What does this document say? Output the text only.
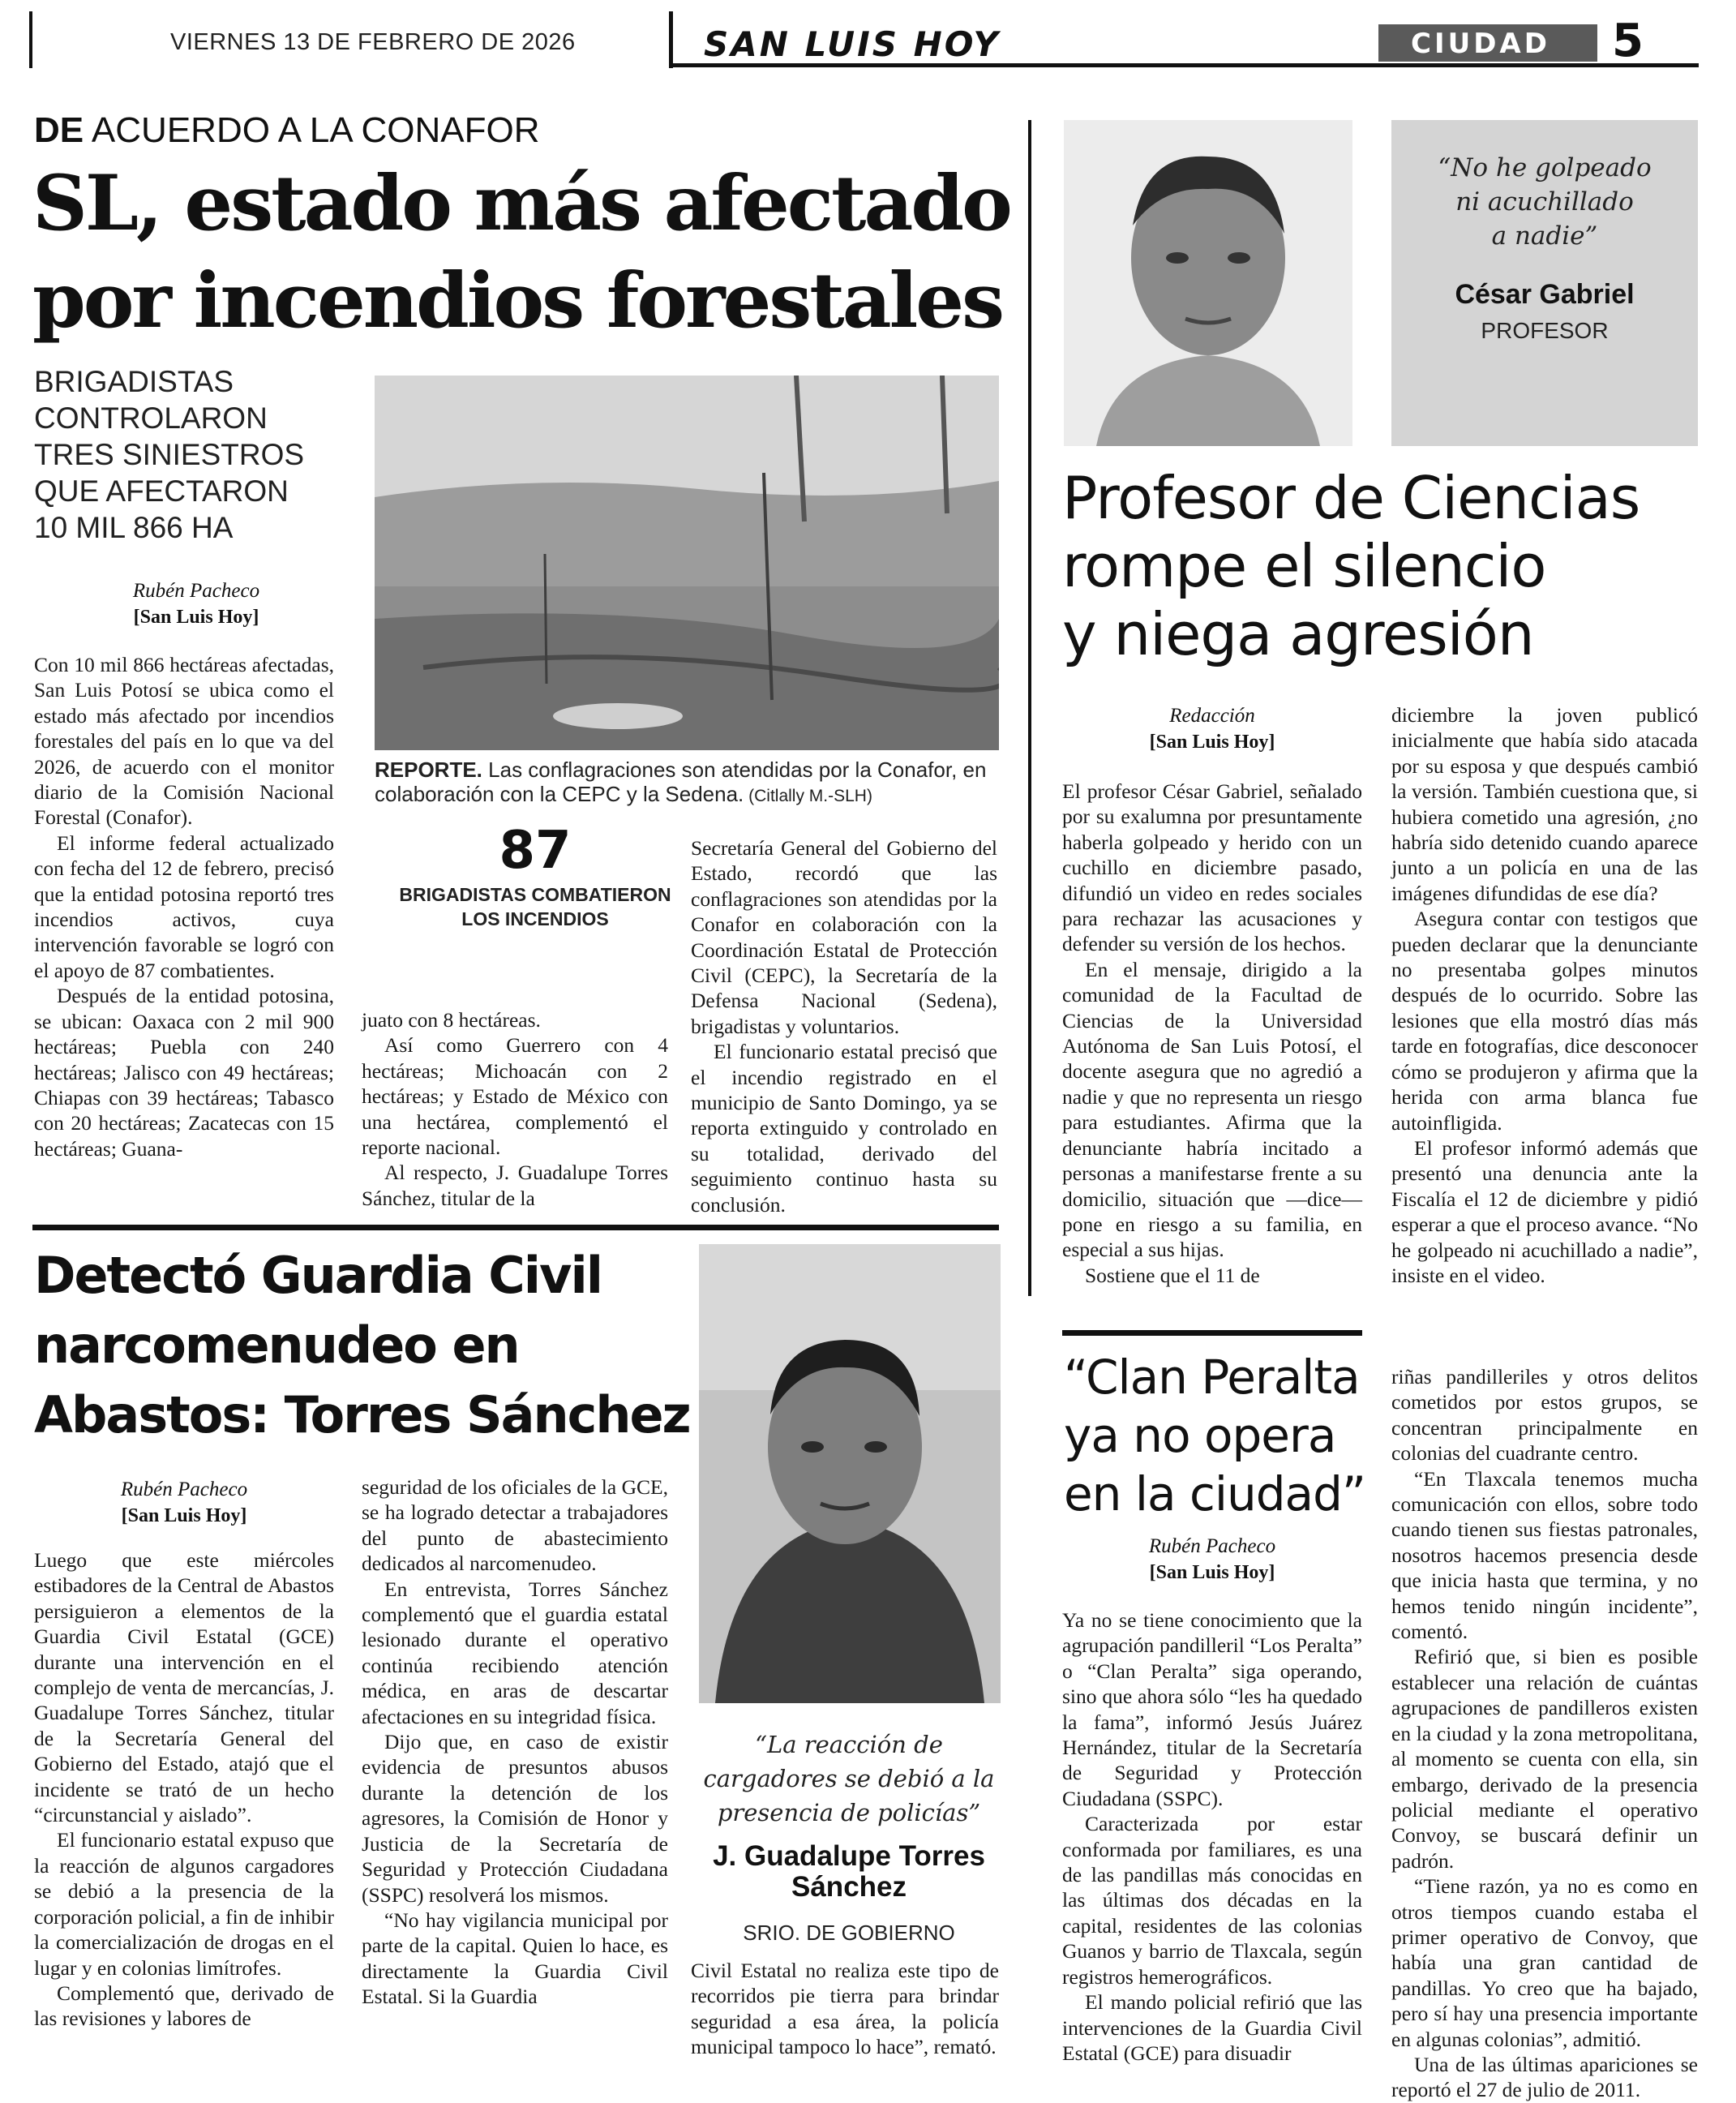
VIERNES 13 DE FEBRERO DE 2026	SAN LUIS HOY	CIUDAD 5
DE ACUERDO A LA CONAFOR
SL, estado más afectado
por incendios forestales
BRIGADISTAS
CONTROLARON
TRES SINIESTROS
QUE AFECTARON
10 MIL 866 HA
Rubén Pacheco
[San Luis Hoy]
REPORTE. Las conflagraciones son atendidas por la Conafor, en colaboración con la CEPC y la Sedena. (Citlally M.-SLH)
87
BRIGADISTAS COMBATIERON
LOS INCENDIOS

Con 10 mil 866 hectáreas afectadas, San Luis Potosí se ubica como el estado más afectado por incendios forestales del país en lo que va del 2026, de acuerdo con el monitor diario de la Comisión Nacional Forestal (Conafor).

El informe federal actualizado con fecha del 12 de febrero, precisó que la entidad potosina reportó tres incendios activos, cuya intervención favorable se logró con el apoyo de 87 combatientes.

Después de la entidad potosina, se ubican: Oaxaca con 2 mil 900 hectáreas; Puebla con 240 hectáreas; Jalisco con 49 hectáreas; Chiapas con 39 hectáreas; Tabasco con 20 hectáreas; Zacatecas con 15 hectáreas; Guana-

juato con 8 hectáreas.

Así como Guerrero con 4 hectáreas; Michoacán con 2 hectáreas; y Estado de México con una hectárea, complementó el reporte nacional.

Al respecto, J. Guadalupe Torres Sánchez, titular de la

Secretaría General del Gobierno del Estado, recordó que las conflagraciones son atendidas por la Conafor en colaboración con la Coordinación Estatal de Protección Civil (CEPC), la Secretaría de la Defensa Nacional (Sedena), brigadistas y voluntarios.

El funcionario estatal precisó que el incendio registrado en el municipio de Santo Domingo, ya se reporta extinguido y controlado en su totalidad, derivado del seguimiento continuo hasta su conclusión.

“No he golpeado
ni acuchillado
a nadie”
César Gabriel
PROFESOR
Profesor de Ciencias
rompe el silencio
y niega agresión
Redacción
[San Luis Hoy]

El profesor César Gabriel, señalado por su exalumna por presuntamente haberla golpeado y herido con un cuchillo en diciembre pasado, difundió un video en redes sociales para rechazar las acusaciones y defender su versión de los hechos.

En el mensaje, dirigido a la comunidad de la Facultad de Ciencias de la Universidad Autónoma de San Luis Potosí, el docente asegura que no agredió a nadie y que no representa un riesgo para estudiantes. Afirma que la denunciante habría incitado a personas a manifestarse frente a su domicilio, situación que —dice— pone en riesgo a su familia, en especial a sus hijas.

Sostiene que el 11 de

diciembre la joven publicó inicialmente que había sido atacada por su esposa y que después cambió la versión. También cuestiona que, si hubiera cometido una agresión, ¿no habría sido detenido cuando aparece junto a un policía en una de las imágenes difundidas de ese día?

Asegura contar con testigos que pueden declarar que la denunciante no presentaba golpes minutos después de lo ocurrido. Sobre las lesiones que ella mostró días más tarde en fotografías, dice desconocer cómo se produjeron y afirma que la herida con arma blanca fue autoinfligida.

El profesor informó además que presentó una denuncia ante la Fiscalía el 12 de diciembre y pidió esperar a que el proceso avance. “No he golpeado ni acuchillado a nadie”, insiste en el video.

Detectó Guardia Civil
narcomenudeo en
Abastos: Torres Sánchez
Rubén Pacheco
[San Luis Hoy]

Luego que este miércoles estibadores de la Central de Abastos persiguieron a elementos de la Guardia Civil Estatal (GCE) durante una intervención en el complejo de venta de mercancías, J. Guadalupe Torres Sánchez, titular de la Secretaría General del Gobierno del Estado, atajó que el incidente se trató de un hecho “circunstancial y aislado”.

El funcionario estatal expuso que la reacción de algunos cargadores se debió a la presencia de la corporación policial, a fin de inhibir la comercialización de drogas en el lugar y en colonias limítrofes.

Complementó que, derivado de las revisiones y labores de

seguridad de los oficiales de la GCE, se ha logrado detectar a trabajadores del punto de abastecimiento dedicados al narcomenudeo.

En entrevista, Torres Sánchez complementó que el guardia estatal lesionado durante el operativo continúa recibiendo atención médica, en aras de descartar afectaciones en su integridad física.

Dijo que, en caso de existir evidencia de presuntos abusos durante la detención de los agresores, la Comisión de Honor y Justicia de la Secretaría de Seguridad y Protección Ciudadana (SSPC) resolverá los mismos.

“No hay vigilancia municipal por parte de la capital. Quien lo hace, es directamente la Guardia Civil Estatal. Si la Guardia

“La reacción de
cargadores se debió a la
presencia de policías”
J. Guadalupe Torres
Sánchez
SRIO. DE GOBIERNO

Civil Estatal no realiza este tipo de recorridos pie tierra para brindar seguridad a esa área, la policía municipal tampoco lo hace”, remató.

“Clan Peralta
ya no opera
en la ciudad”
Rubén Pacheco
[San Luis Hoy]

Ya no se tiene conocimiento que la agrupación pandilleril “Los Peralta” o “Clan Peralta” siga operando, sino que ahora sólo “les ha quedado la fama”, informó Jesús Juárez Hernández, titular de la Secretaría de Seguridad y Protección Ciudadana (SSPC).

Caracterizada por estar conformada por familiares, es una de las pandillas más conocidas en las últimas dos décadas en la capital, residentes de las colonias Guanos y barrio de Tlaxcala, según registros hemerográficos.

El mando policial refirió que las intervenciones de la Guardia Civil Estatal (GCE) para disuadir

riñas pandilleriles y otros delitos cometidos por estos grupos, se concentran principalmente en colonias del cuadrante centro.

“En Tlaxcala tenemos mucha comunicación con ellos, sobre todo cuando tienen sus fiestas patronales, nosotros hacemos presencia desde que inicia hasta que termina, y no hemos tenido ningún incidente”, comentó.

Refirió que, si bien es posible establecer una relación de cuántas agrupaciones de pandilleros existen en la ciudad y la zona metropolitana, al momento se cuenta con ella, sin embargo, derivado de la presencia policial mediante el operativo Convoy, se buscará definir un padrón.

“Tiene razón, ya no es como en otros tiempos cuando estaba el primer operativo de Convoy, que había una gran cantidad de pandillas. Yo creo que ha bajado, pero sí hay una presencia importante en algunas colonias”, admitió.

Una de las últimas apariciones se reportó el 27 de julio de 2011.
